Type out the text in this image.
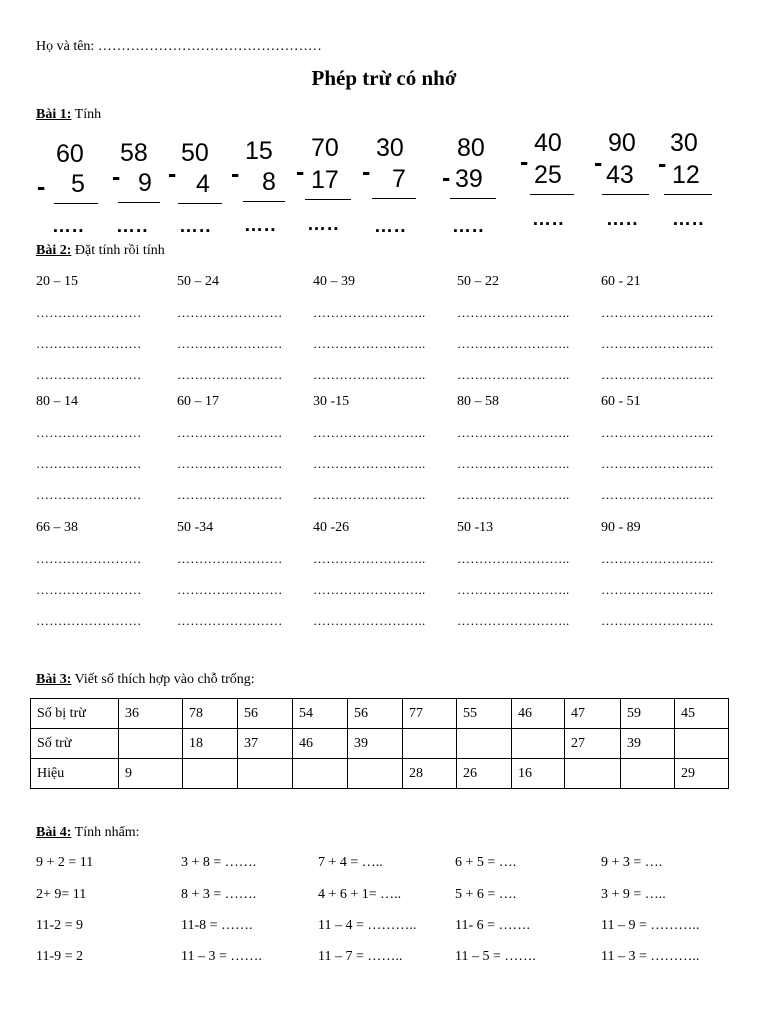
Họ và tên: …………………………………………
Phép trừ có nhớ
Bài 1: Tính
-
60
5
…..
-
58
9
…..
-
50
4
…..
-
15
8
…..
-
70
17
…..
-
30
7
…..
-
80
39
…..
-
40
25
…..
-
90
43
…..
-
30
12
…..
Bài 2: Đặt tính rồi tính
20 – 15
……………………
……………………
……………………
50 – 24
……………………
……………………
……………………
40 – 39
……………………..
……………………..
……………………..
50 – 22
……………………..
……………………..
……………………..
60 - 21
……………………..
……………………..
……………………..
80 – 14
……………………
……………………
……………………
60 – 17
……………………
……………………
……………………
30 -15
……………………..
……………………..
……………………..
80 – 58
……………………..
……………………..
……………………..
60 - 51
……………………..
……………………..
……………………..
66 – 38
……………………
……………………
……………………
50 -34
……………………
……………………
……………………
40 -26
……………………..
……………………..
……………………..
50 -13
……………………..
……………………..
……………………..
90 - 89
……………………..
……………………..
……………………..
Bài 3: Viết số thích hợp vào chỗ trống:
Số bị trừ	36	78	56	54	56	77	55	46	47	59	45
Số trừ		18	37	46	39				27	39	
Hiệu	9					28	26	16			29
Bài 4: Tính nhẩm:
9 + 2 = 11	3 + 8 = …….	7 + 4 = …..	6 + 5 = ….	9 + 3 = ….
2+ 9= 11	8 + 3 = …….	4 + 6 + 1= …..	5 + 6 = ….	3 + 9 = …..
11-2 = 9	11-8 = …….	11 – 4 = ………..	11- 6 = …….	11 – 9 = ………..
11-9 = 2	11 – 3 = …….	11 – 7 = ……..	11 – 5 = …….	11 – 3 = ………..
